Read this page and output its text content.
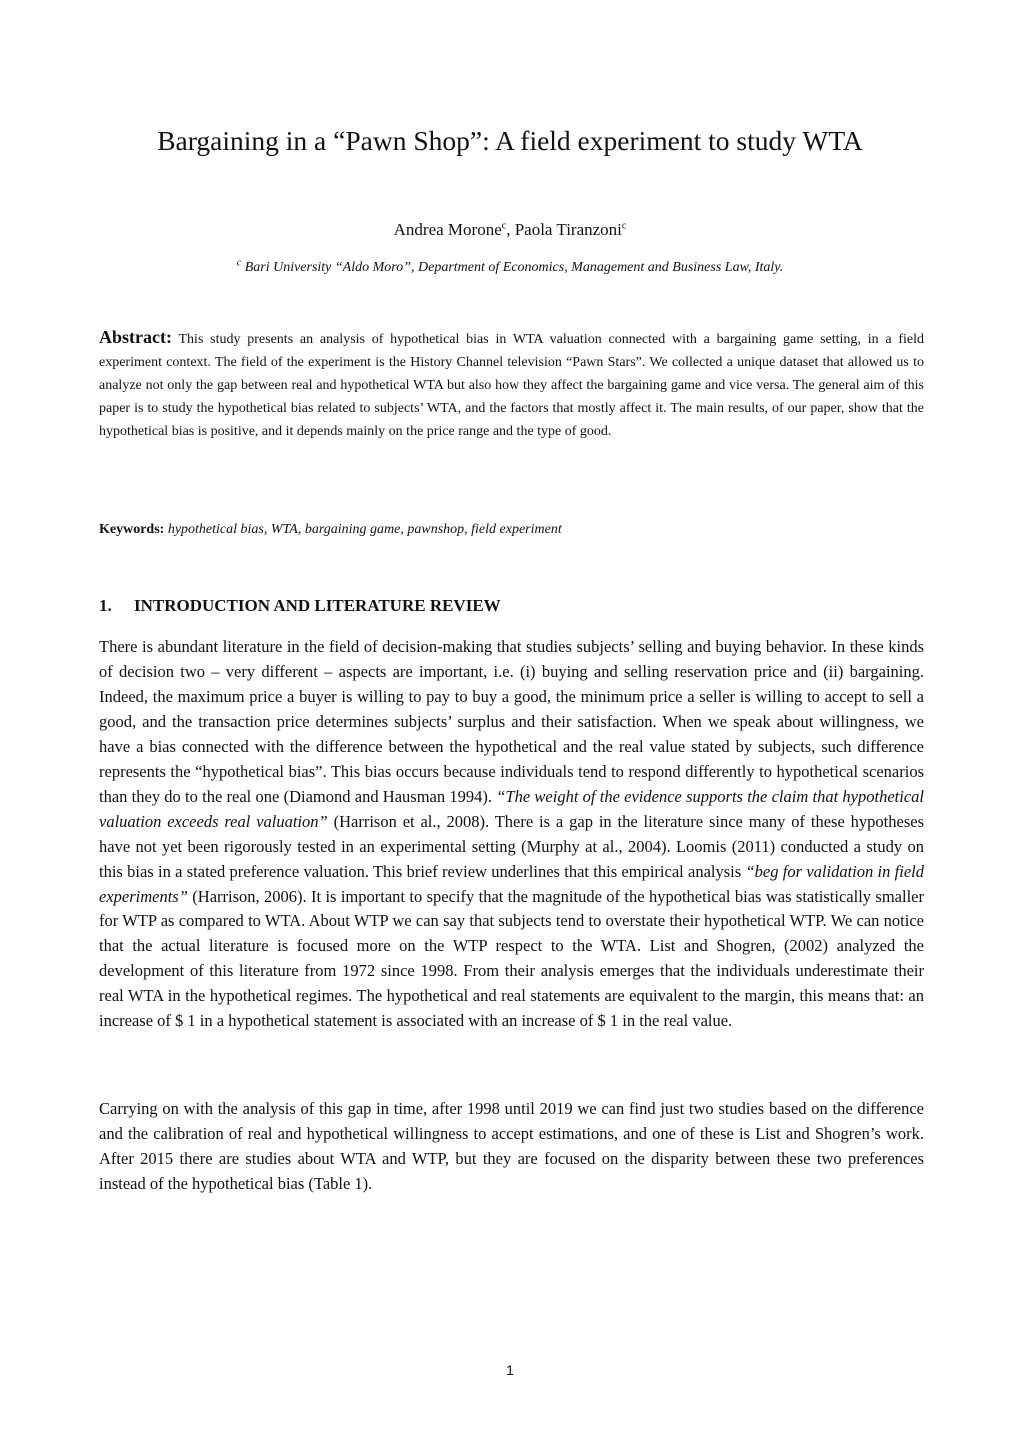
Bargaining in a “Pawn Shop”: A field experiment to study WTA
Andrea Morone$^c$, Paola Tiranzoni$^c$
$^c$ Bari University “Aldo Moro”, Department of Economics, Management and Business Law, Italy.
Abstract: This study presents an analysis of hypothetical bias in WTA valuation connected with a bargaining game setting, in a field experiment context. The field of the experiment is the History Channel television “Pawn Stars”. We collected a unique dataset that allowed us to analyze not only the gap between real and hypothetical WTA but also how they affect the bargaining game and vice versa. The general aim of this paper is to study the hypothetical bias related to subjects’ WTA, and the factors that mostly affect it. The main results, of our paper, show that the hypothetical bias is positive, and it depends mainly on the price range and the type of good.
Keywords: hypothetical bias, WTA, bargaining game, pawnshop, field experiment
1. INTRODUCTION AND LITERATURE REVIEW

There is abundant literature in the field of decision-making that studies subjects’ selling and buying behavior. In these kinds of decision two – very different – aspects are important, i.e. (i) buying and selling reservation price and (ii) bargaining. Indeed, the maximum price a buyer is willing to pay to buy a good, the minimum price a seller is willing to accept to sell a good, and the transaction price determines subjects’ surplus and their satisfaction. When we speak about willingness, we have a bias connected with the difference between the hypothetical and the real value stated by subjects, such difference represents the “hypothetical bias”. This bias occurs because individuals tend to respond differently to hypothetical scenarios than they do to the real one (Diamond and Hausman 1994). “The weight of the evidence supports the claim that hypothetical valuation exceeds real valuation” (Harrison et al., 2008). There is a gap in the literature since many of these hypotheses have not yet been rigorously tested in an experimental setting (Murphy at al., 2004). Loomis (2011) conducted a study on this bias in a stated preference valuation. This brief review underlines that this empirical analysis “beg for validation in field experiments” (Harrison, 2006). It is important to specify that the magnitude of the hypothetical bias was statistically smaller for WTP as compared to WTA. About WTP we can say that subjects tend to overstate their hypothetical WTP. We can notice that the actual literature is focused more on the WTP respect to the WTA. List and Shogren, (2002) analyzed the development of this literature from 1972 since 1998. From their analysis emerges that the individuals underestimate their real WTA in the hypothetical regimes. The hypothetical and real statements are equivalent to the margin, this means that: an increase of $ 1 in a hypothetical statement is associated with an increase of $ 1 in the real value.

Carrying on with the analysis of this gap in time, after 1998 until 2019 we can find just two studies based on the difference and the calibration of real and hypothetical willingness to accept estimations, and one of these is List and Shogren’s work. After 2015 there are studies about WTA and WTP, but they are focused on the disparity between these two preferences instead of the hypothetical bias (Table 1).

1
